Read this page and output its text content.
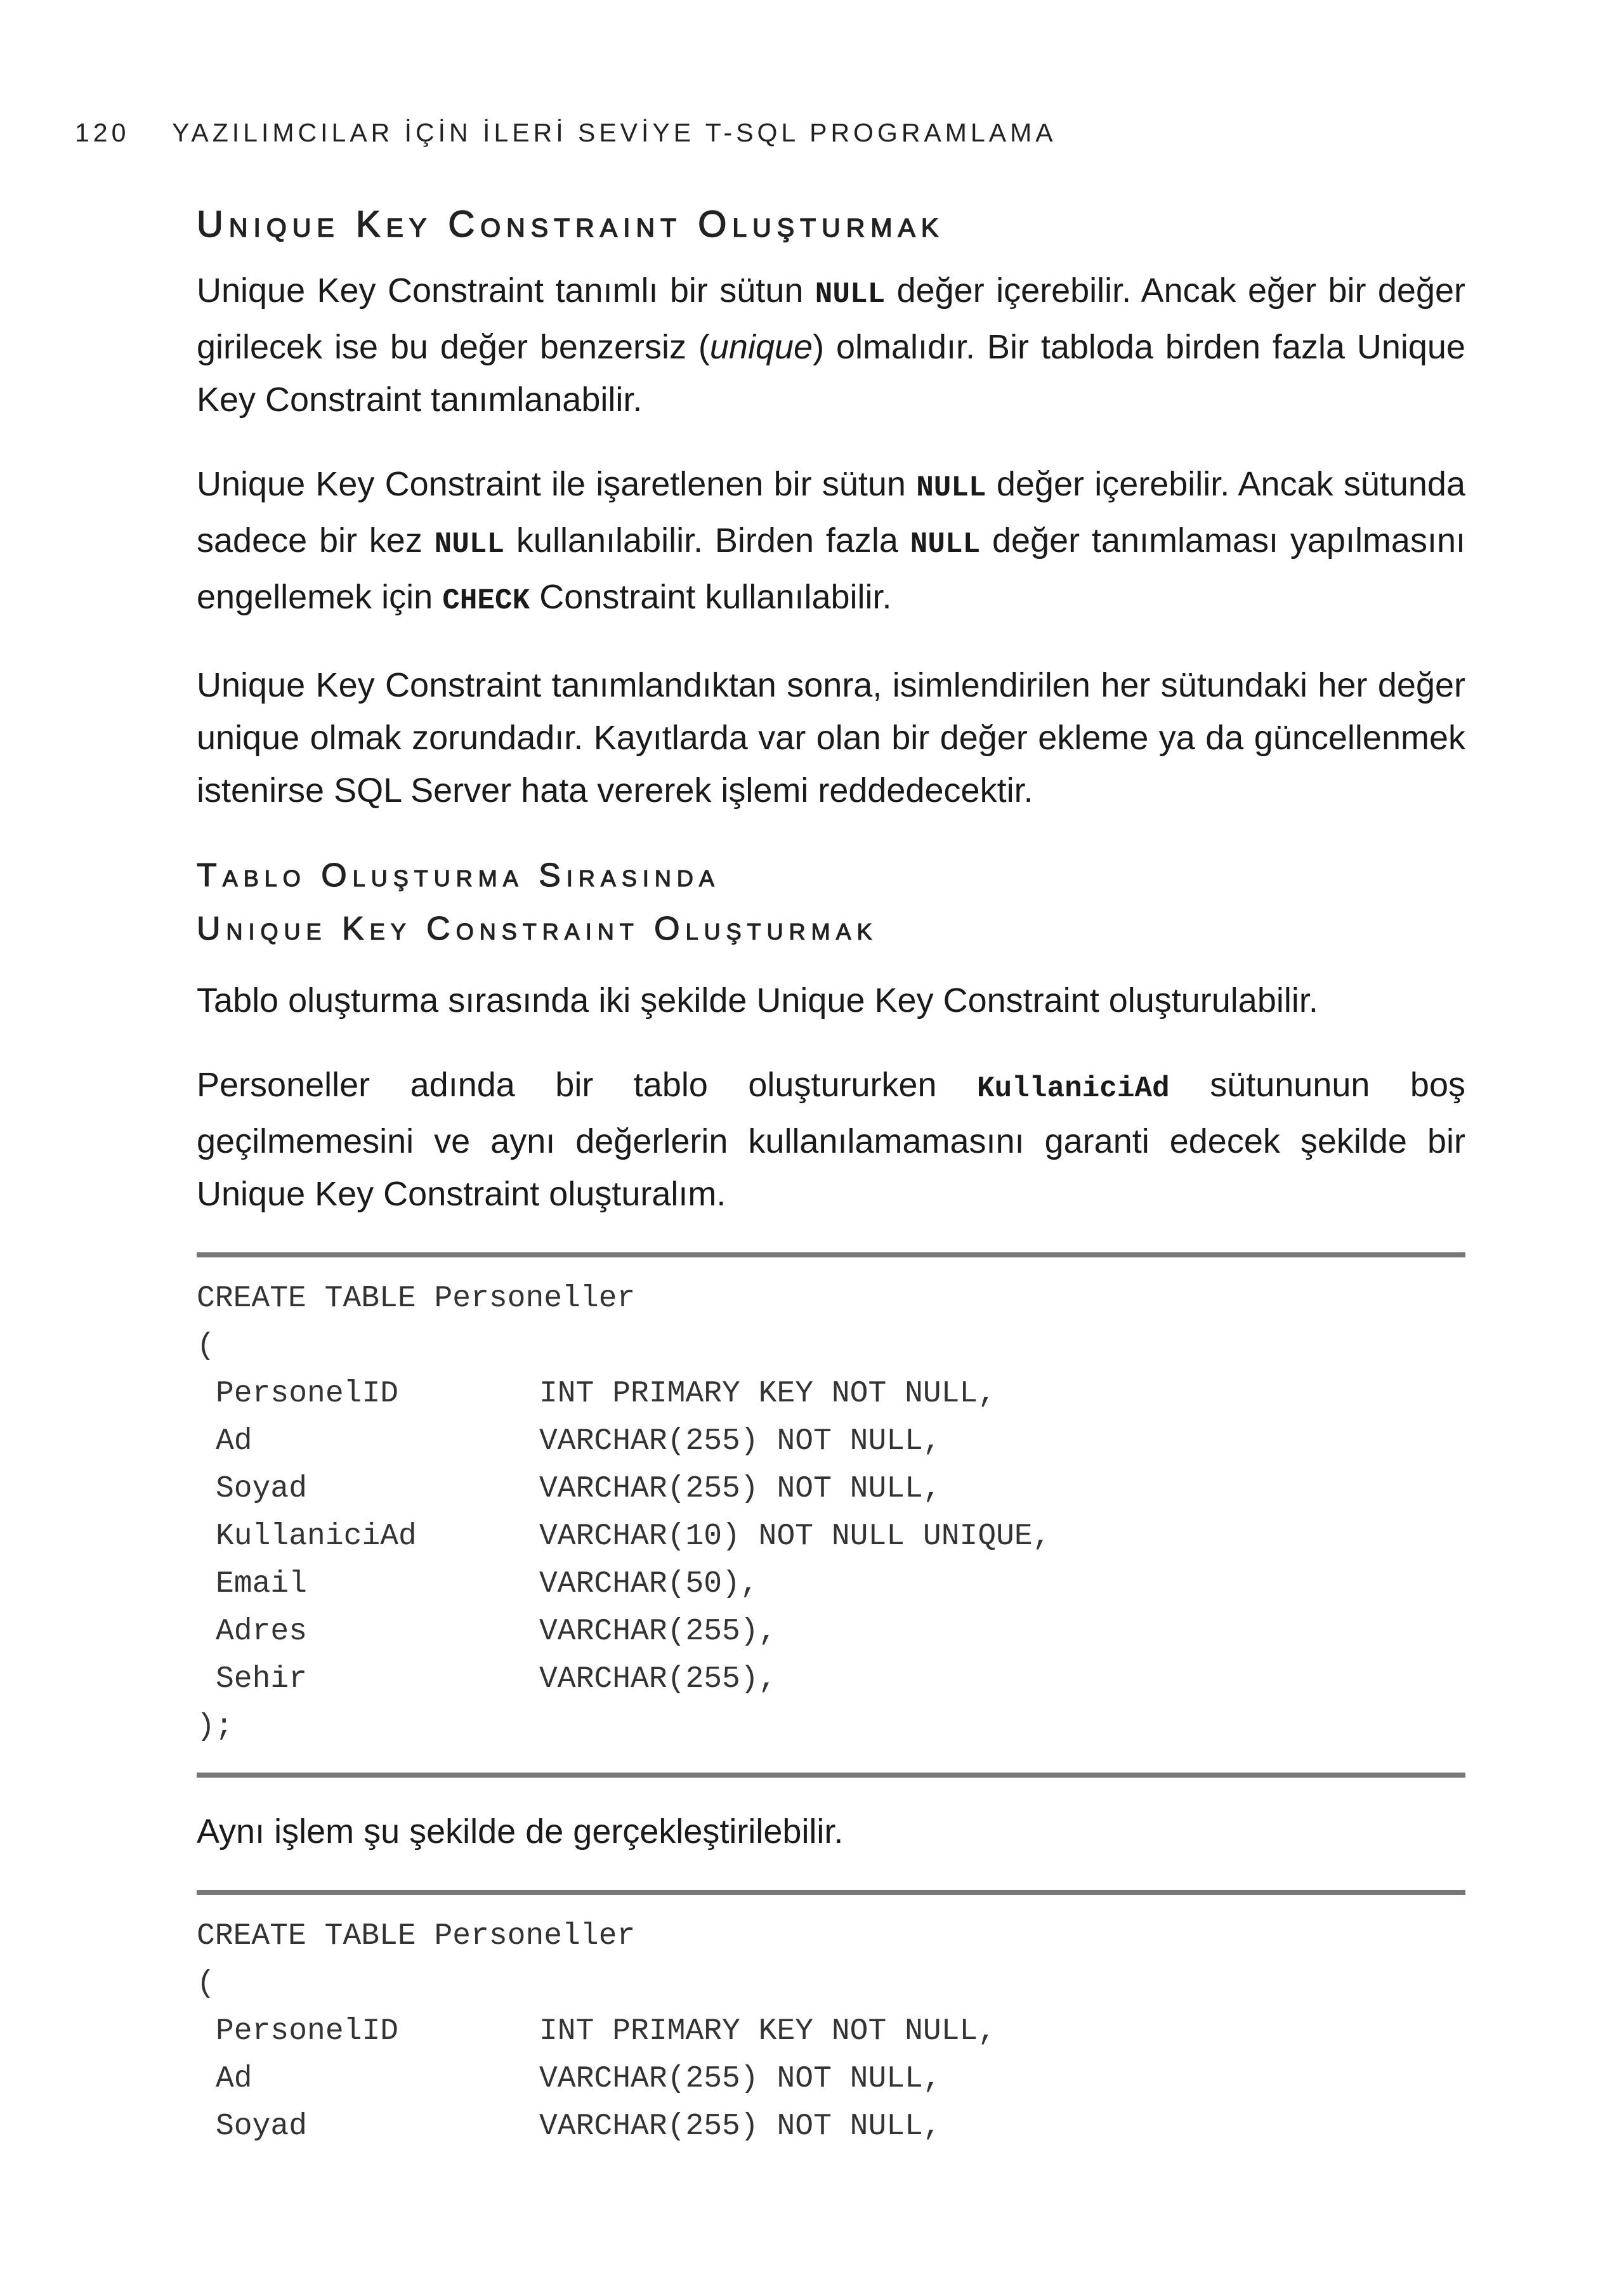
120 YAZILIMCILAR İÇİN İLERİ SEVİYE T-SQL PROGRAMLAMA
Unique Key Constraint Oluşturmak

Unique Key Constraint tanımlı bir sütun NULL değer içerebilir. Ancak eğer bir değer girilecek ise bu değer benzersiz (unique) olmalıdır. Bir tabloda birden fazla Unique Key Constraint tanımlanabilir.

Unique Key Constraint ile işaretlenen bir sütun NULL değer içerebilir. Ancak sütunda sadece bir kez NULL kullanılabilir. Birden fazla NULL değer tanımlaması yapılmasını engellemek için CHECK Constraint kullanılabilir.

Unique Key Constraint tanımlandıktan sonra, isimlendirilen her sütundaki her değer unique olmak zorundadır. Kayıtlarda var olan bir değer ekleme ya da güncellenmek istenirse SQL Server hata vererek işlemi reddedecektir.

Tablo Oluşturma Sırasında
Unique Key Constraint Oluşturmak

Tablo oluşturma sırasında iki şekilde Unique Key Constraint oluşturulabilir.

Personeller adında bir tablo oluştururken KullaniciAd sütununun boş geçilmemesini ve aynı değerlerin kullanılamamasını garanti edecek şekilde bir Unique Key Constraint oluşturalım.

CREATE TABLE Personeller
(
PersonelID	INT PRIMARY KEY NOT NULL,
Ad	VARCHAR(255) NOT NULL,
Soyad	VARCHAR(255) NOT NULL,
KullaniciAd	VARCHAR(10) NOT NULL UNIQUE,
Email	VARCHAR(50),
Adres	VARCHAR(255),
Sehir	VARCHAR(255),
);

Aynı işlem şu şekilde de gerçekleştirilebilir.

CREATE TABLE Personeller
(
PersonelID	INT PRIMARY KEY NOT NULL,
Ad	VARCHAR(255) NOT NULL,
Soyad	VARCHAR(255) NOT NULL,
